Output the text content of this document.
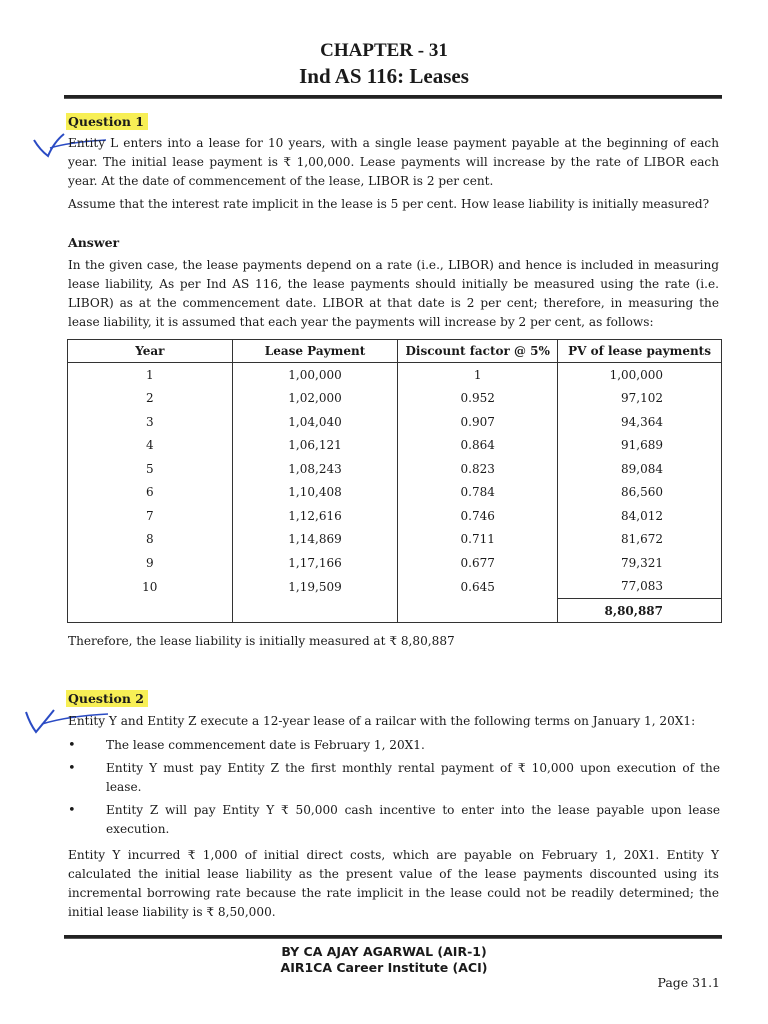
CHAPTER - 31
Ind AS 116: Leases
Question 1

Entity L enters into a lease for 10 years, with a single lease payment payable at the beginning of each year. The initial lease payment is ₹ 1,00,000. Lease payments will increase by the rate of LIBOR each year. At the date of commencement of the lease, LIBOR is 2 per cent.

Assume that the interest rate implicit in the lease is 5 per cent. How lease liability is initially measured?

Answer

In the given case, the lease payments depend on a rate (i.e., LIBOR) and hence is included in measuring lease liability, As per Ind AS 116, the lease payments should initially be measured using the rate (i.e. LIBOR) as at the commencement date. LIBOR at that date is 2 per cent; therefore, in measuring the lease liability, it is assumed that each year the payments will increase by 2 per cent, as follows:

Year	Lease Payment	Discount factor @ 5%	PV of lease payments
1	1,00,000	1	1,00,000
2	1,02,000	0.952	97,102
3	1,04,040	0.907	94,364
4	1,06,121	0.864	91,689
5	1,08,243	0.823	89,084
6	1,10,408	0.784	86,560
7	1,12,616	0.746	84,012
8	1,14,869	0.711	81,672
9	1,17,166	0.677	79,321
10	1,19,509	0.645	77,083
			8,80,887

Therefore, the lease liability is initially measured at ₹ 8,80,887

Question 2

Entity Y and Entity Z execute a 12-year lease of a railcar with the following terms on January 1, 20X1:

• The lease commencement date is February 1, 20X1.
• Entity Y must pay Entity Z the first monthly rental payment of ₹ 10,000 upon execution of the lease.
• Entity Z will pay Entity Y ₹ 50,000 cash incentive to enter into the lease payable upon lease execution.

Entity Y incurred ₹ 1,000 of initial direct costs, which are payable on February 1, 20X1. Entity Y calculated the initial lease liability as the present value of the lease payments discounted using its incremental borrowing rate because the rate implicit in the lease could not be readily determined; the initial lease liability is ₹ 8,50,000.

BY CA AJAY AGARWAL (AIR-1)
AIR1CA Career Institute (ACI)
Page 31.1
